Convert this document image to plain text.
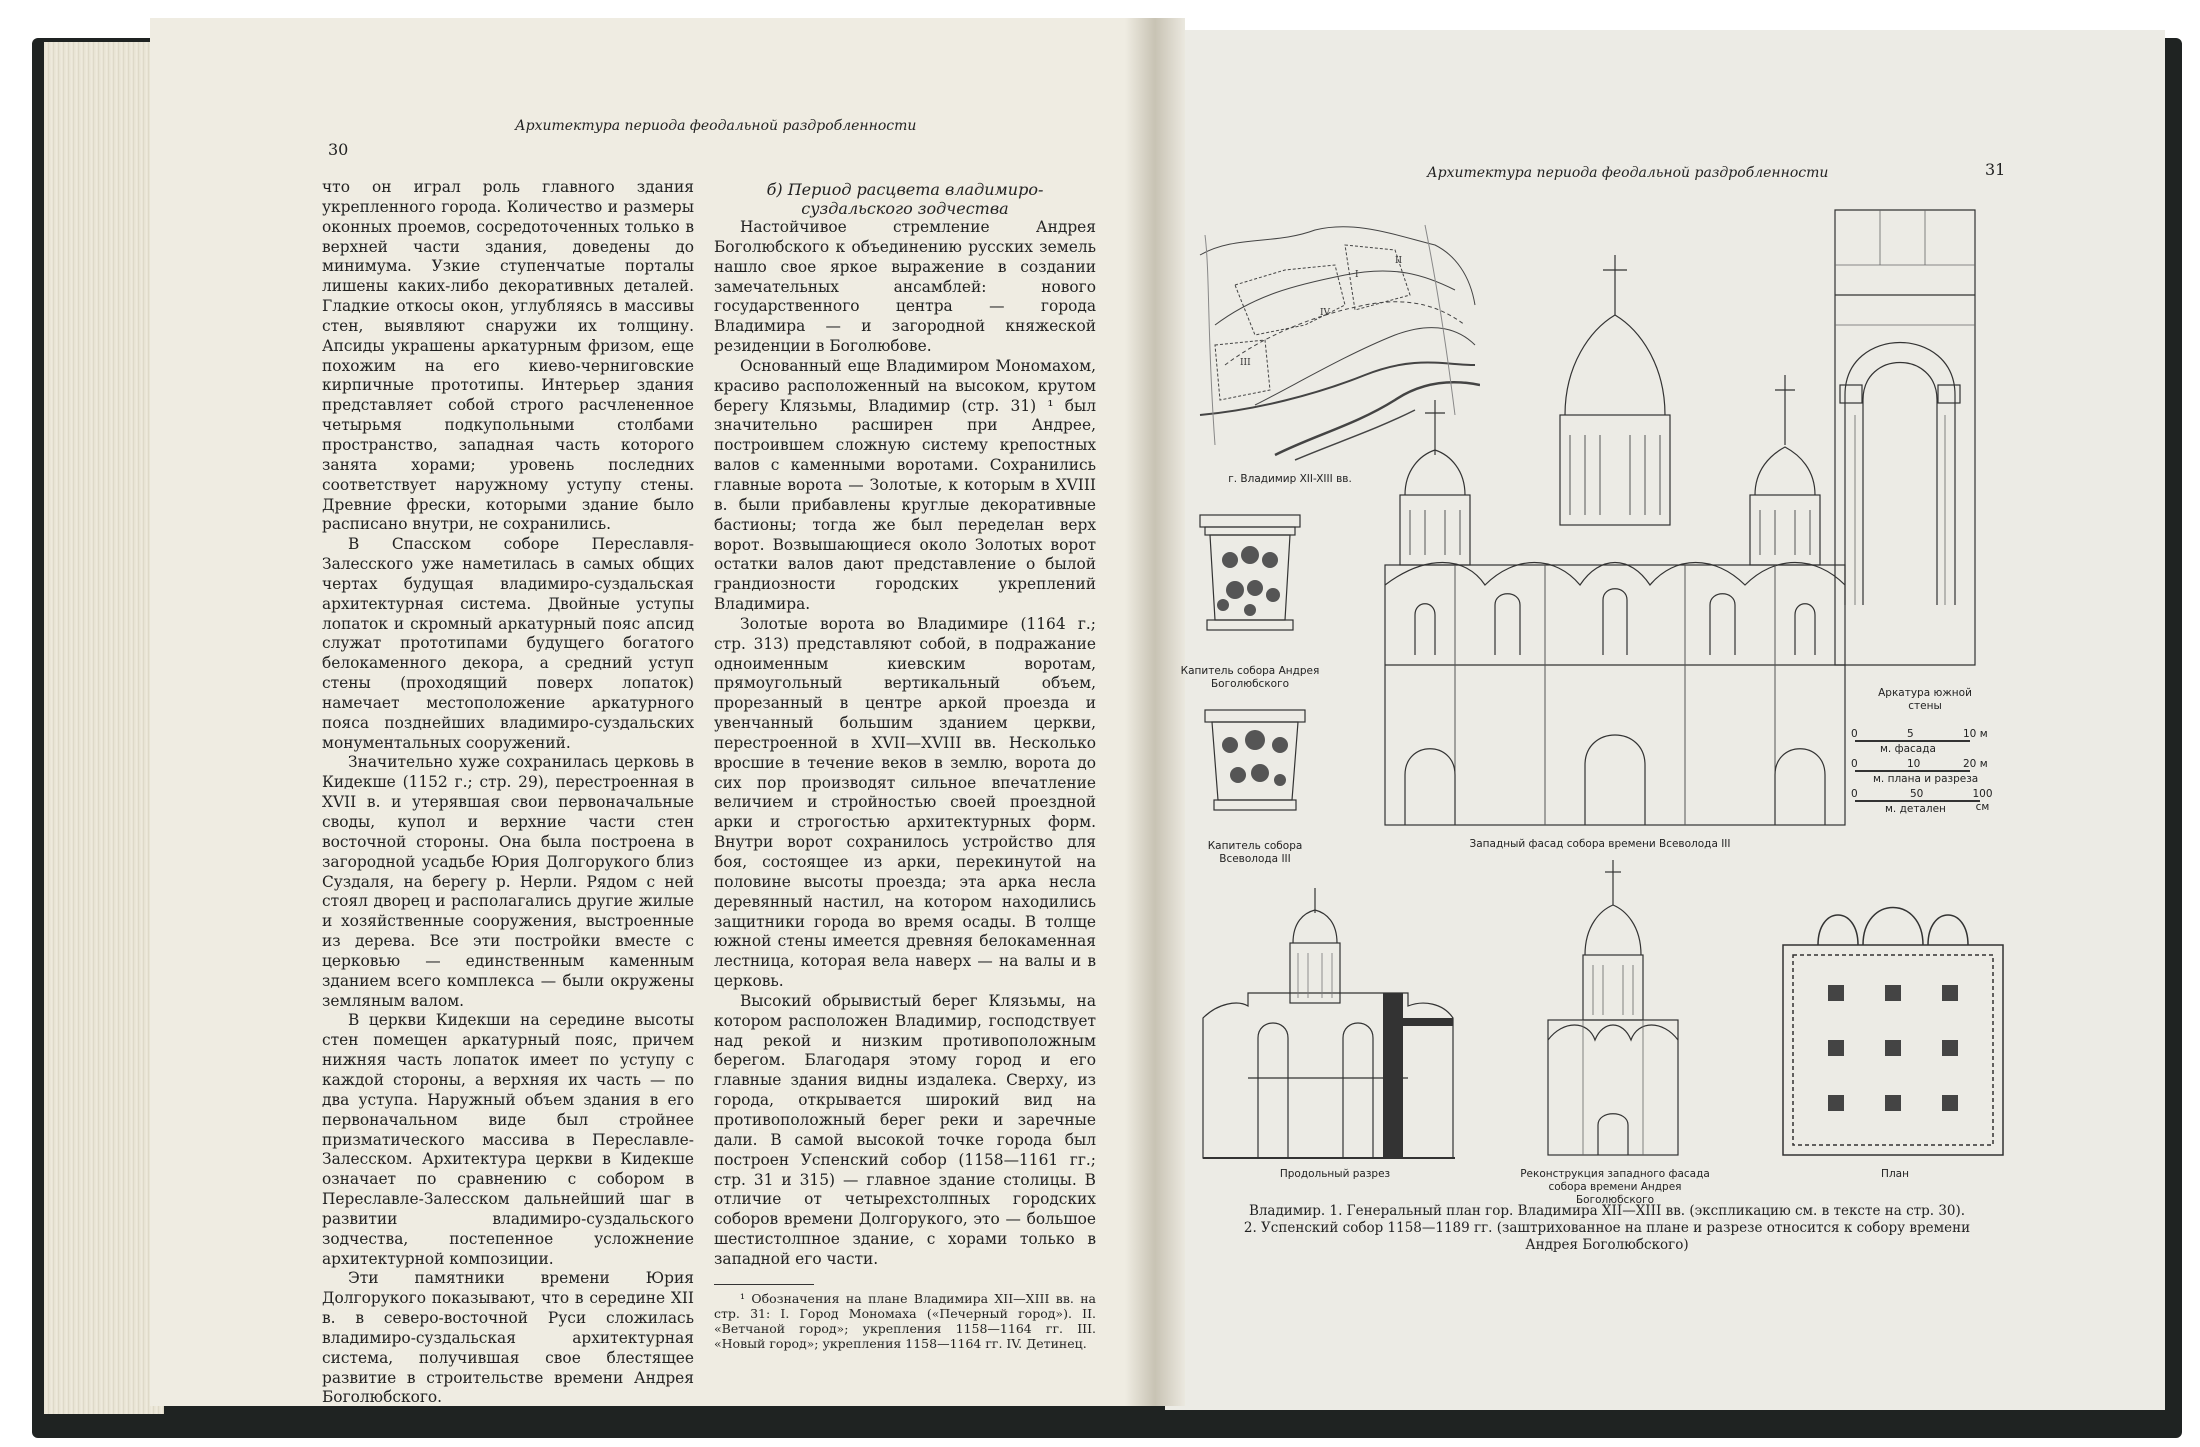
30
Архитектура периода феодальной раздробленности

что он играл роль главного здания укрепленного города. Количество и размеры оконных проемов, сосредоточенных только в верхней части здания, доведены до минимума. Узкие ступенчатые порталы лишены каких-либо декоративных деталей. Гладкие откосы окон, углубляясь в массивы стен, выявляют снаружи их толщину. Апсиды украшены аркатурным фризом, еще похожим на его киево-черниговские кирпичные прототипы. Интерьер здания представляет собой строго расчлененное четырьмя подкупольными столбами пространство, западная часть которого занята хорами; уровень последних соответствует наружному уступу стены. Древние фрески, которыми здание было расписано внутри, не сохранились.

В Спасском соборе Переславля-Залесского уже наметилась в самых общих чертах будущая владимиро-суздальская архитектурная система. Двойные уступы лопаток и скромный аркатурный пояс апсид служат прототипами будущего богатого белокаменного декора, а средний уступ стены (проходящий поверх лопаток) намечает местоположение аркатурного пояса позднейших владимиро-суздальских монументальных сооружений.

Значительно хуже сохранилась церковь в Кидекше (1152 г.; стр. 29), перестроенная в XVII в. и утерявшая свои первоначальные своды, купол и верхние части стен восточной стороны. Она была построена в загородной усадьбе Юрия Долгорукого близ Суздаля, на берегу р. Нерли. Рядом с ней стоял дворец и располагались другие жилые и хозяйственные сооружения, выстроенные из дерева. Все эти постройки вместе с церковью — единственным каменным зданием всего комплекса — были окружены земляным валом.

В церкви Кидекши на середине высоты стен помещен аркатурный пояс, причем нижняя часть лопаток имеет по уступу с каждой стороны, а верхняя их часть — по два уступа. Наружный объем здания в его первоначальном виде был стройнее призматического массива в Переславле-Залесском. Архитектура церкви в Кидекше означает по сравнению с собором в Переславле-Залесском дальнейший шаг в развитии владимиро-суздальского зодчества, постепенное усложнение архитектурной композиции.

Эти памятники времени Юрия Долгорукого показывают, что в середине XII в. в северо-восточной Руси сложилась владимиро-суздальская архитектурная система, получившая свое блестящее развитие в строительстве времени Андрея Боголюбского.

б) Период расцвета владимиро-суздальского зодчества

Настойчивое стремление Андрея Боголюбского к объединению русских земель нашло свое яркое выражение в создании замечательных ансамблей: нового государственного центра — города Владимира — и загородной княжеской резиденции в Боголюбове.

Основанный еще Владимиром Мономахом, красиво расположенный на высоком, крутом берегу Клязьмы, Владимир (стр. 31) ¹ был значительно расширен при Андрее, построившем сложную систему крепостных валов с каменными воротами. Сохранились главные ворота — Золотые, к которым в XVIII в. были прибавлены круглые декоративные бастионы; тогда же был переделан верх ворот. Возвышающиеся около Золотых ворот остатки валов дают представление о былой грандиозности городских укреплений Владимира.

Золотые ворота во Владимире (1164 г.; стр. 313) представляют собой, в подражание одноименным киевским воротам, прямоугольный вертикальный объем, прорезанный в центре аркой проезда и увенчанный большим зданием церкви, перестроенной в XVII—XVIII вв. Несколько вросшие в течение веков в землю, ворота до сих пор производят сильное впечатление величием и стройностью своей проездной арки и строгостью архитектурных форм. Внутри ворот сохранилось устройство для боя, состоящее из арки, перекинутой на половине высоты проезда; эта арка несла деревянный настил, на котором находились защитники города во время осады. В толще южной стены имеется древняя белокаменная лестница, которая вела наверх — на валы и в церковь.

Высокий обрывистый берег Клязьмы, на котором расположен Владимир, господствует над рекой и низким противоположным берегом. Благодаря этому город и его главные здания видны издалека. Сверху, из города, открывается широкий вид на противоположный берег реки и заречные дали. В самой высокой точке города был построен Успенский собор (1158—1161 гг.; стр. 31 и 315) — главное здание столицы. В отличие от четырехстолпных городских соборов времени Долгорукого, это — большое шестистолпное здание, с хорами только в западной его части.

¹ Обозначения на плане Владимира XII—XIII вв. на стр. 31: I. Город Мономаха («Печерный город»). II. «Ветчаной город»; укрепления 1158—1164 гг. III. «Новый город»; укрепления 1158—1164 гг. IV. Детинец.

Архитектура периода феодальной раздробленности	31
I
II
III
IV
г. Владимир XII-XIII вв.
Капитель собора Андрея Боголюбского
Капитель собора Всеволода III
Западный фасад собора времени Всеволода III
Аркатура южной стены
0	5	10 м
м. фасада
0	10	20 м
м. плана и разреза
0	50	100 см
м. детален
Продольный разрез	Реконструкция западного фасада собора времени Андрея Боголюбского
План
Владимир. 1. Генеральный план гор. Владимира XII—XIII вв. (экспликацию см. в тексте на стр. 30).
2. Успенский собор 1158—1189 гг. (заштрихованное на плане и разрезе относится к собору времени
Андрея Боголюбского)
